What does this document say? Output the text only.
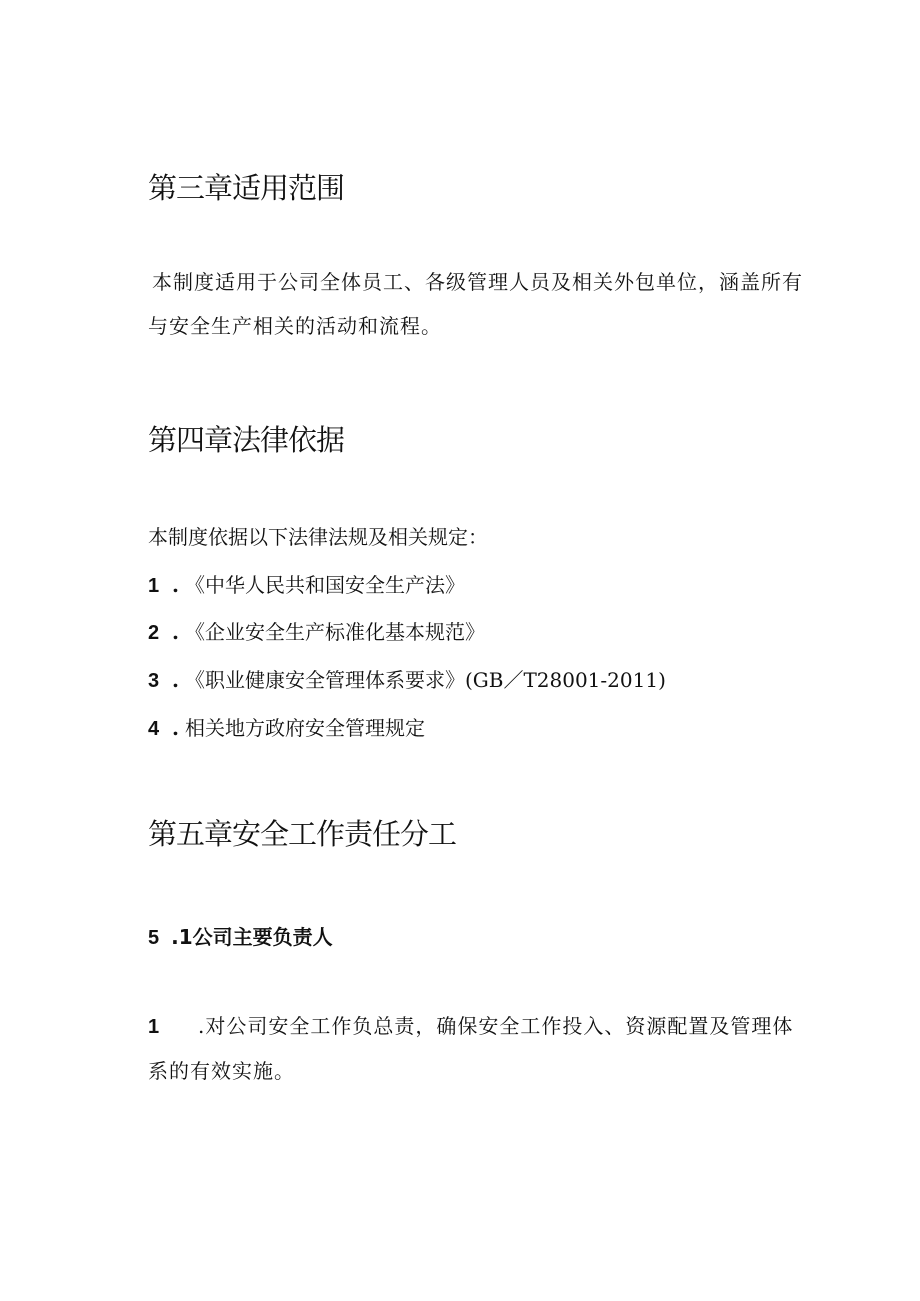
第三章适用范围

本制度适用于公司全体员工、各级管理人员及相关外包单位，涵盖所有与安全生产相关的活动和流程。

第四章法律依据

本制度依据以下法律法规及相关规定：

1 . 《中华人民共和国安全生产法》

2 . 《企业安全生产标准化基本规范》

3 . 《职业健康安全管理体系要求》(GB／T28001-2011)

4 . 相关地方政府安全管理规定

第五章安全工作责任分工

5 .1公司主要负责人

1 .对公司安全工作负总责，确保安全工作投入、资源配置及管理体系的有效实施。
